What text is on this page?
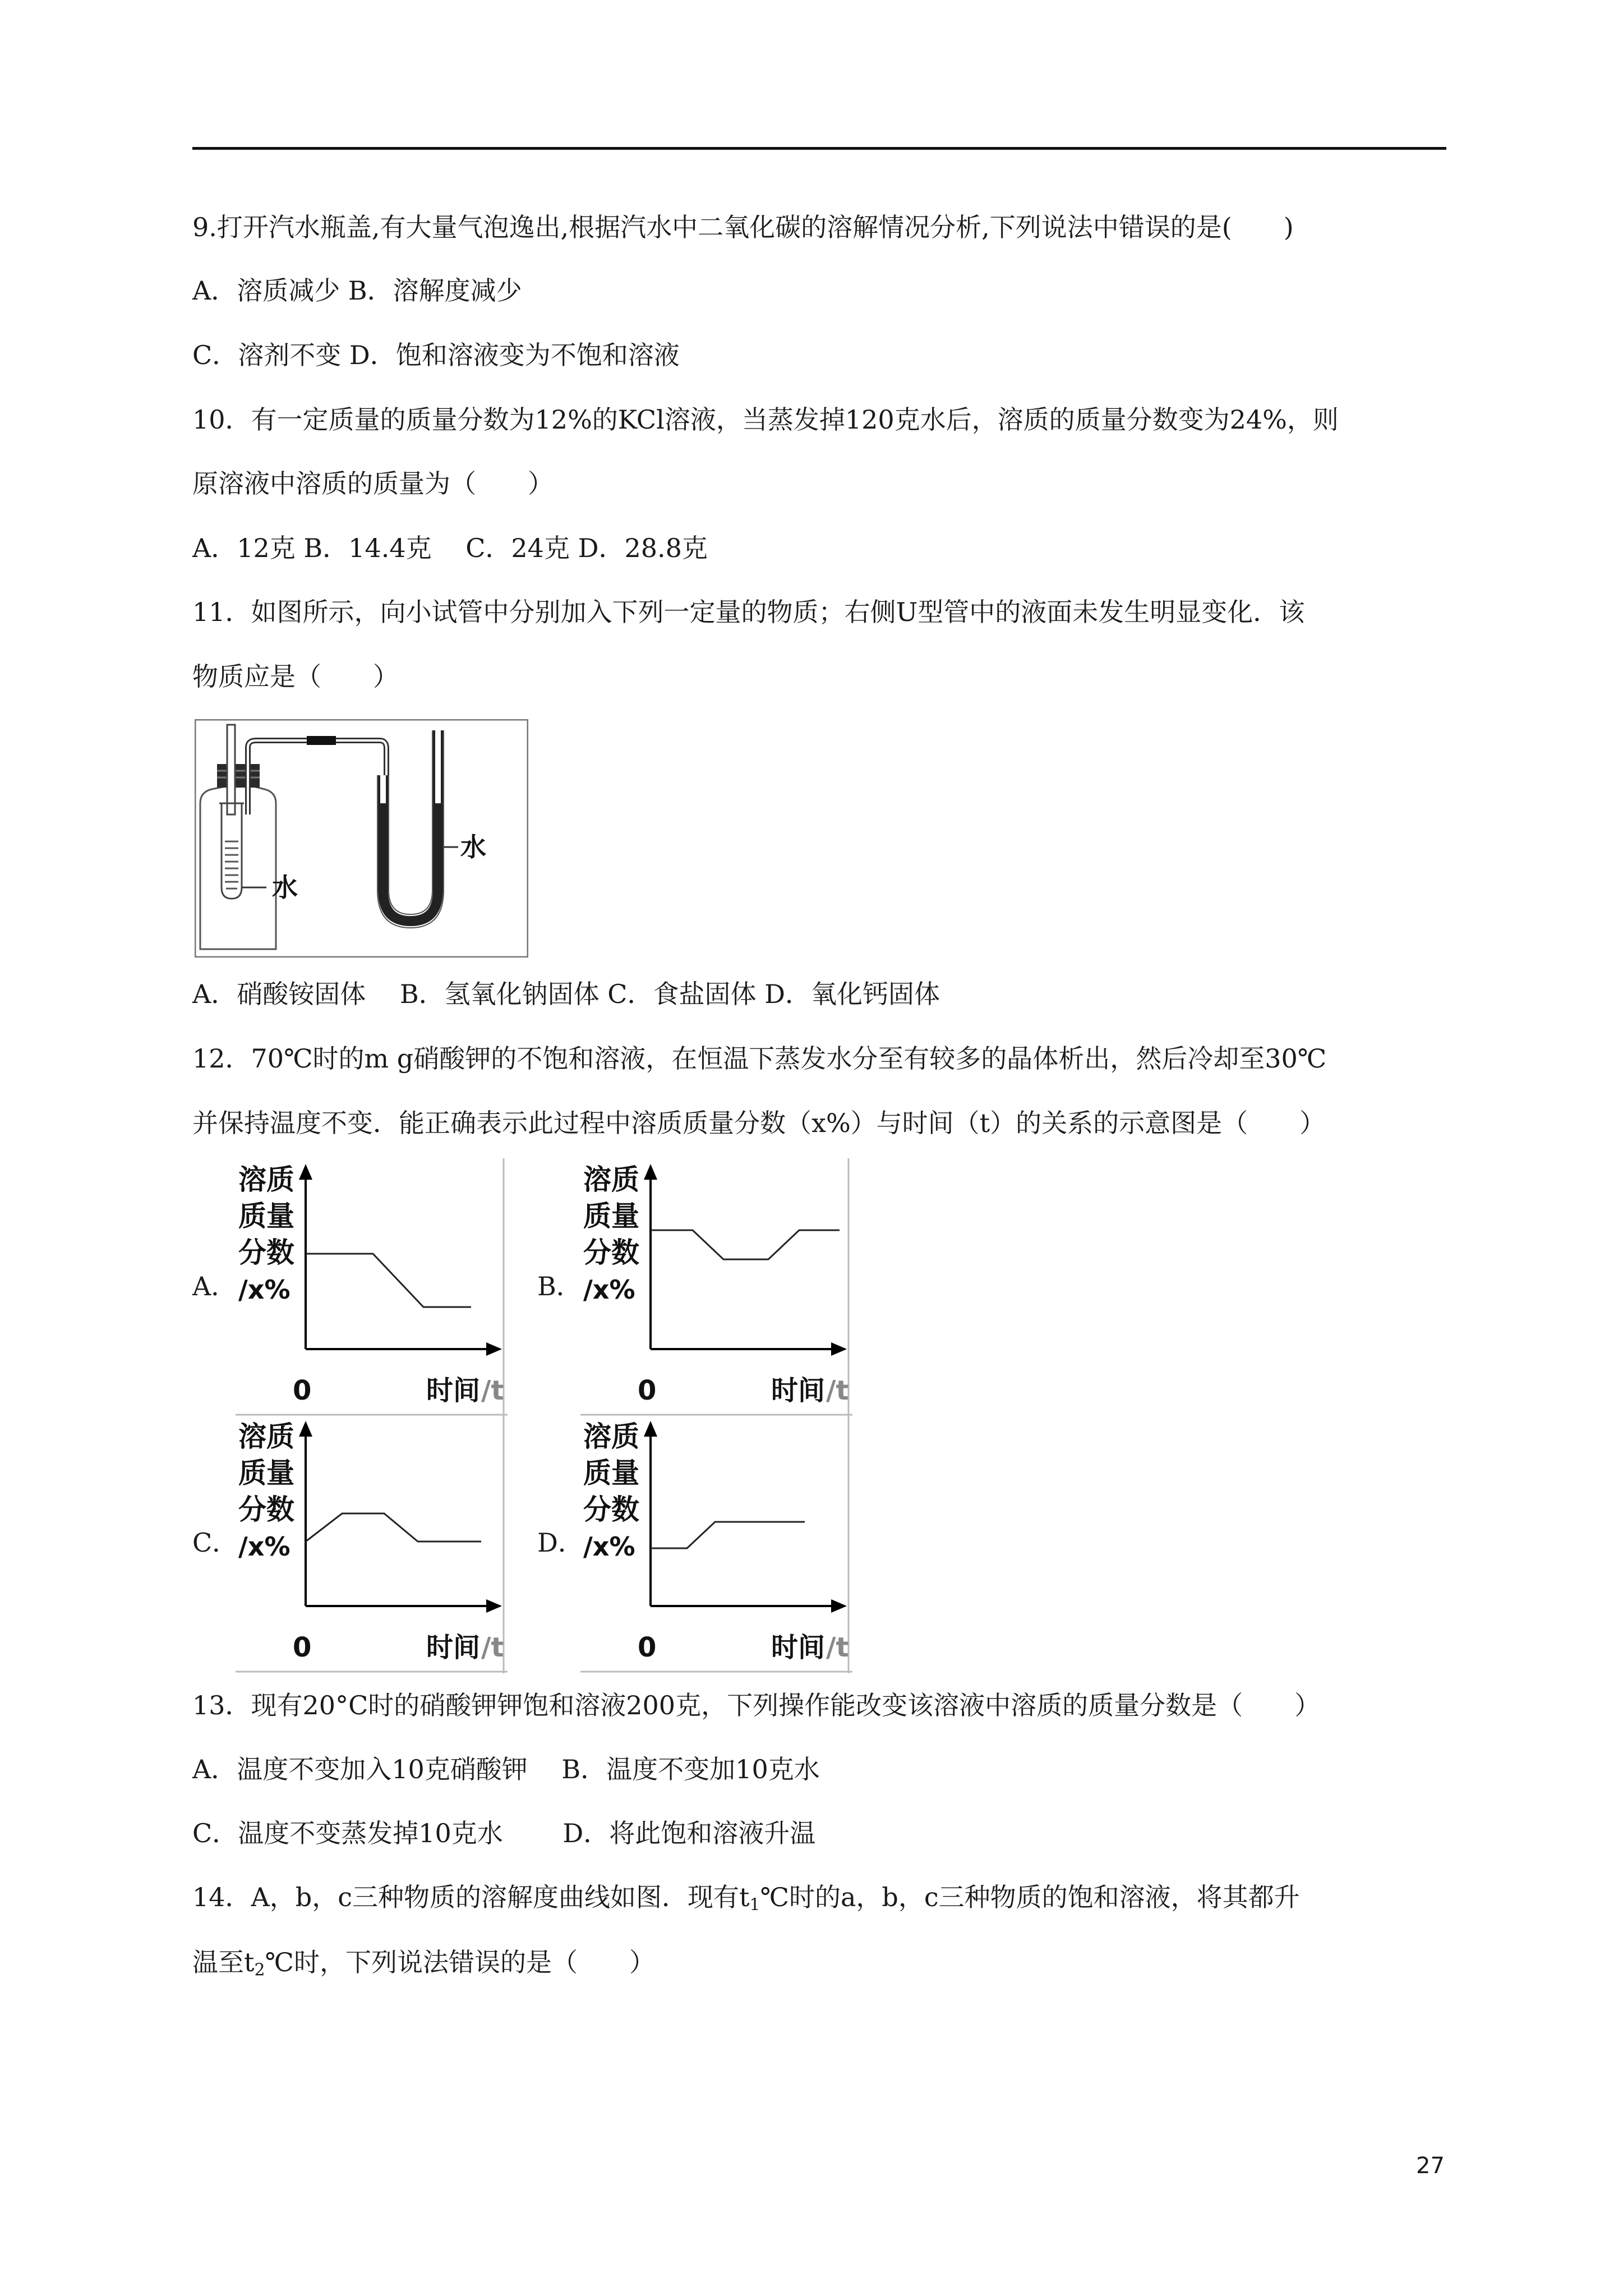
9.打开汽水瓶盖,有大量气泡逸出,根据汽水中二氧化碳的溶解情况分析,下列说法中错误的是(　　)
A．溶质减少 B．溶解度减少
C．溶剂不变 D．饱和溶液变为不饱和溶液
10．有一定质量的质量分数为12%的KCl溶液，当蒸发掉120克水后，溶质的质量分数变为24%，则
原溶液中溶质的质量为（　　）
A．12克 B．14.4克　 C．24克 D．28.8克
11．如图所示，向小试管中分别加入下列一定量的物质；右侧U型管中的液面未发生明显变化．该
物质应是（　　）
水
水
A．硝酸铵固体　 B．氢氧化钠固体 C．食盐固体 D．氧化钙固体
12．70℃时的m g硝酸钾的不饱和溶液，在恒温下蒸发水分至有较多的晶体析出，然后冷却至30℃
并保持温度不变．能正确表示此过程中溶质质量分数（x%）与时间（t）的关系的示意图是（　　）
A．
溶质
质量
分数
/x%
0	时间 /t
B．
溶质
质量
分数
/x%
0	时间 /t
C．
溶质
质量
分数
/x%
0	时间 /t
D．
溶质
质量
分数
/x%
0	时间 /t
13．现有20°C时的硝酸钾钾饱和溶液200克，下列操作能改变该溶液中溶质的质量分数是（　　）
A．温度不变加入10克硝酸钾　 B．温度不变加10克水
C．温度不变蒸发掉10克水　　 D．将此饱和溶液升温
14．A，b，c三种物质的溶解度曲线如图．现有$t_1℃$时的a，b，c三种物质的饱和溶液，将其都升
温至$t_2℃$时，下列说法错误的是（　　）
27
